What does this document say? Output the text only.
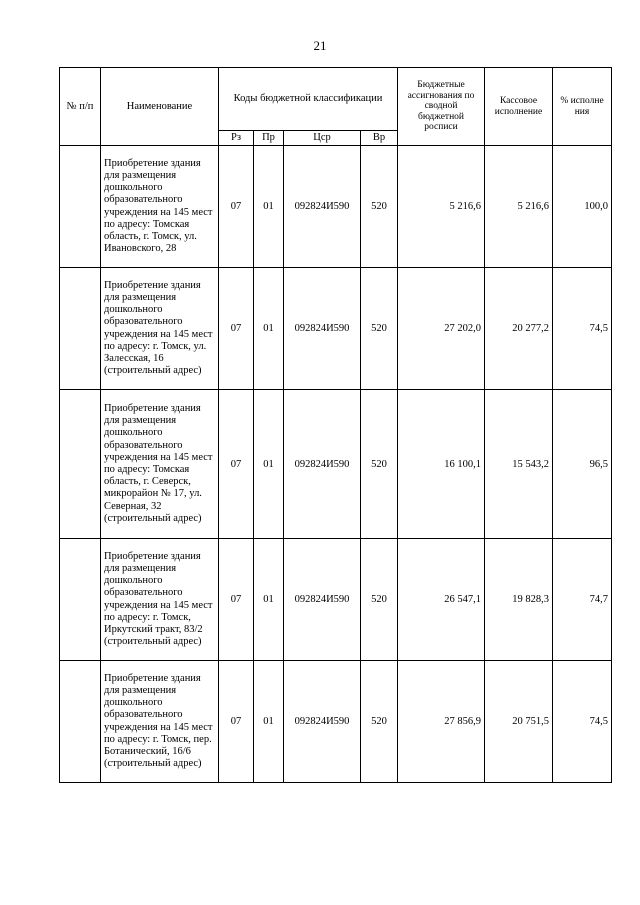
21
№ п/п	Наименование	Коды бюджетной классификации				Бюджетные ассигнования по сводной бюджетной росписи	Кассовое исполнение	% исполне ния
		Рз	Пр	Цср	Вр			
	Приобретение здания для размещения дошкольного образовательного учреждения на 145 мест по адресу: Томская область, г. Томск, ул. Ивановского, 28	07	01	092824И590	520	5 216,6	5 216,6	100,0
	Приобретение здания для размещения дошкольного образовательного учреждения на 145 мест по адресу: г. Томск, ул. Залесская, 16 (строительный адрес)	07	01	092824И590	520	27 202,0	20 277,2	74,5
	Приобретение здания для размещения дошкольного образовательного учреждения на 145 мест по адресу: Томская область, г. Северск, микрорайон № 17, ул. Северная, 32 (строительный адрес)	07	01	092824И590	520	16 100,1	15 543,2	96,5
	Приобретение здания для размещения дошкольного образовательного учреждения на 145 мест по адресу: г. Томск, Иркутский тракт, 83/2 (строительный адрес)	07	01	092824И590	520	26 547,1	19 828,3	74,7
	Приобретение здания для размещения дошкольного образовательного учреждения на 145 мест по адресу: г. Томск, пер. Ботанический, 16/6 (строительный адрес)	07	01	092824И590	520	27 856,9	20 751,5	74,5
